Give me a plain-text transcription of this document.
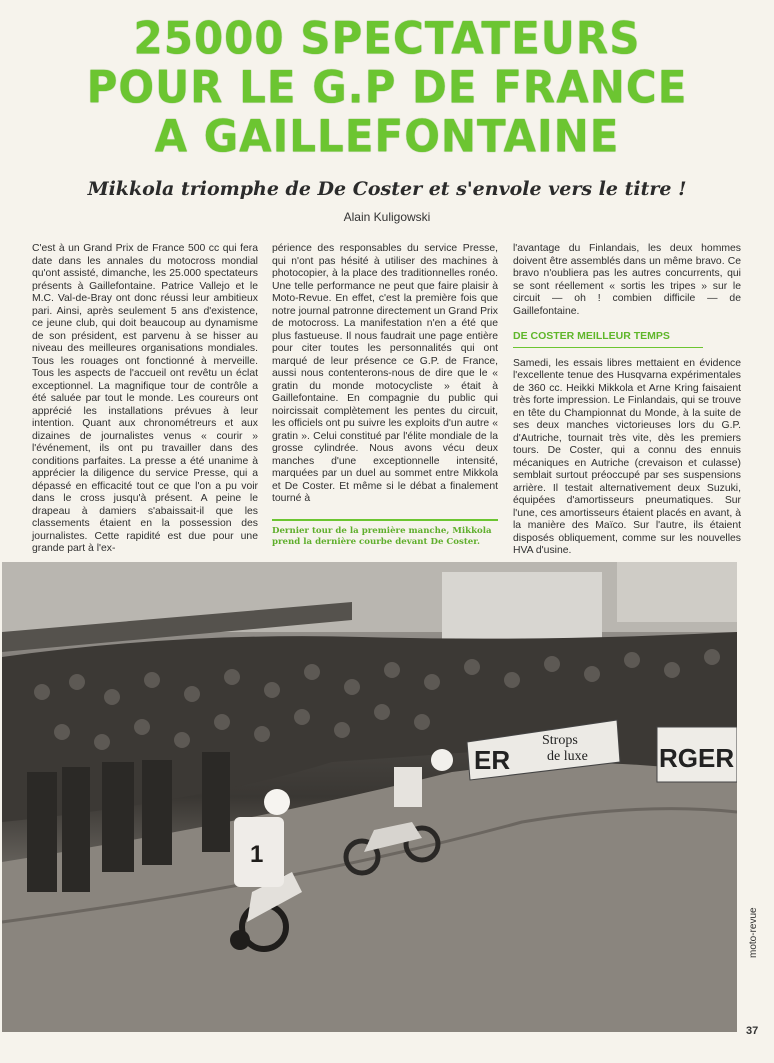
25000 SPECTATEURS
POUR LE G.P DE FRANCE
A GAILLEFONTAINE
Mikkola triomphe de De Coster et s'envole vers le titre !
Alain Kuligowski

C'est à un Grand Prix de France 500 cc qui fera date dans les annales du motocross mondial qu'ont assisté, dimanche, les 25.000 spectateurs présents à Gaillefontaine. Patrice Vallejo et le M.C. Val-de-Bray ont donc réussi leur ambitieux pari. Ainsi, après seulement 5 ans d'existence, ce jeune club, qui doit beaucoup au dynamisme de son président, est parvenu à se hisser au niveau des meilleures organisations mondiales. Tous les rouages ont fonctionné à merveille. Tous les aspects de l'accueil ont revêtu un éclat exceptionnel. La magnifique tour de contrôle a été saluée par tout le monde. Les coureurs ont apprécié les installations prévues à leur intention. Quant aux chronométreurs et aux dizaines de journalistes venus « courir » l'événement, ils ont pu travailler dans des conditions parfaites. La presse a été unanime à apprécier la diligence du service Presse, qui a dépassé en efficacité tout ce que l'on a pu voir dans le cross jusqu'à présent. A peine le drapeau à damiers s'abaissait-il que les classements étaient en la possession des journalistes. Cette rapidité est due pour une grande part à l'ex-

périence des responsables du service Presse, qui n'ont pas hésité à utiliser des machines à photocopier, à la place des traditionnelles ronéo. Une telle performance ne peut que faire plaisir à Moto-Revue. En effet, c'est la première fois que notre journal patronne directement un Grand Prix de motocross. La manifestation n'en a été que plus fastueuse. Il nous faudrait une page entière pour citer toutes les personnalités qui ont marqué de leur présence ce G.P. de France, aussi nous contenterons-nous de dire que le « gratin du monde motocycliste » était à Gaillefontaine. En compagnie du public qui noircissait complètement les pentes du circuit, les officiels ont pu suivre les exploits d'un autre « gratin ». Celui constitué par l'élite mondiale de la grosse cylindrée. Nous avons vécu deux manches d'une exceptionnelle intensité, marquées par un duel au sommet entre Mikkola et De Coster. Et même si le débat a finalement tourné à

l'avantage du Finlandais, les deux hommes doivent être assemblés dans un même bravo. Ce bravo n'oubliera pas les autres concurrents, qui se sont réellement « sortis les tripes » sur le circuit — oh ! combien difficile — de Gaillefontaine.

DE COSTER MEILLEUR TEMPS

Samedi, les essais libres mettaient en évidence l'excellente tenue des Husqvarna expérimentales de 360 cc. Heikki Mikkola et Arne Kring faisaient très forte impression. Le Finlandais, qui se trouve en tête du Championnat du Monde, à la suite de ses deux manches victorieuses lors du G.P. d'Autriche, tournait très vite, dès les premiers tours. De Coster, qui a connu des ennuis mécaniques en Autriche (crevaison et culasse) semblait surtout préoccupé par ses suspensions arrière. Il testait alternativement deux Suzuki, équipées d'amortisseurs pneumatiques. Sur l'une, ces amortisseurs étaient placés en avant, à la manière des Maïco. Sur l'autre, ils étaient disposés obliquement, comme sur les nouvelles HVA d'usine.

Dernier tour de la première manche, Mikkola prend la dernière courbe devant De Coster.
ER
Strops
de luxe	RGER
1
moto-revue
37
